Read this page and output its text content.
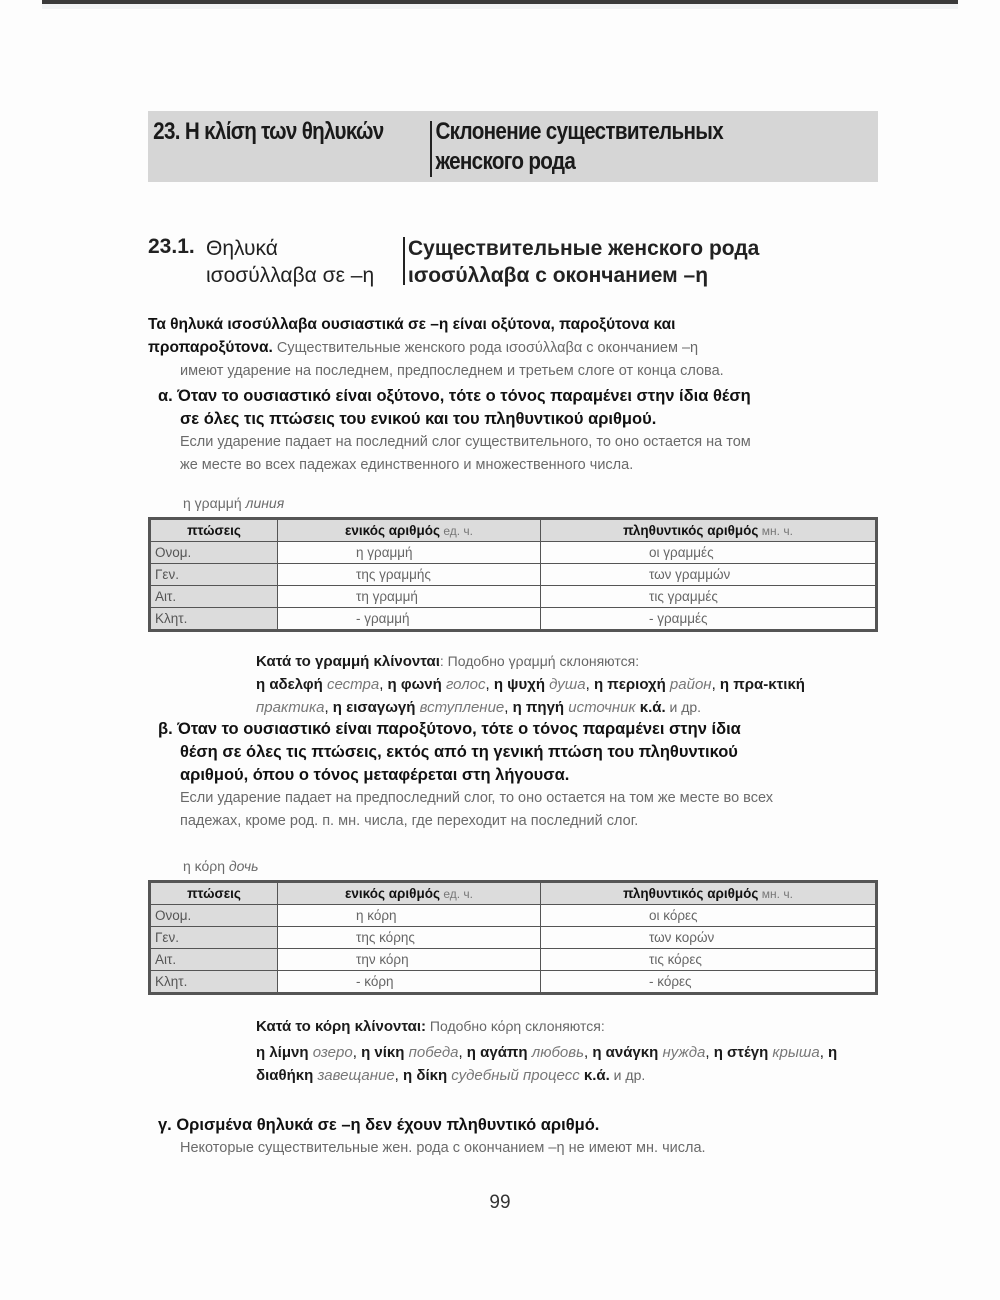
23. Η κλίση των θηλυκών Склонение существительных
женского рода
23.1. Θηλυκά
ισοσύλλαβα σε –η
Существительные женского рода
ισοσύλλαβα с окончанием –η
Τα θηλυκά ισοσύλλαβα ουσιαστικά σε –η είναι οξύτονα, παροξύτονα και
προπαροξύτονα. Существительные женского рода ισοσύλλαβα с окончанием –η
имеют ударение на последнем, предпоследнем и третьем слоге от конца слова.
α. Όταν το ουσιαστικό είναι οξύτονο, τότε ο τόνος παραμένει στην ίδια θέση
σε όλες τις πτώσεις του ενικού και του πληθυντικού αριθμού.
Если ударение падает на последний слог существительного, то оно остается на том
же месте во всех падежах единственного и множественного числа.
η γραμμή линия
πτώσεις	ενικός αριθμός ед. ч.	πληθυντικός αριθμός мн. ч.
Ονομ.	η γραμμή	οι γραμμές
Γεν.	της γραμμής	των γραμμών
Αιτ.	τη γραμμή	τις γραμμές
Κλητ.	- γραμμή	- γραμμές
Κατά το γραμμή κλίνονται: Подобно γραμμή склоняются:
η αδελφή сестра, η φωνή голос, η ψυχή душа, η περιοχή район, η πρα-κτική практика, η εισαγωγή вступление, η πηγή источник κ.ά. и др.
β. Όταν το ουσιαστικό είναι παροξύτονο, τότε ο τόνος παραμένει στην ίδια
θέση σε όλες τις πτώσεις, εκτός από τη γενική πτώση του πληθυντικού
αριθμού, όπου ο τόνος μεταφέρεται στη λήγουσα.
Если ударение падает на предпоследний слог, то оно остается на том же месте во всех
падежах, кроме род. п. мн. числа, где переходит на последний слог.
η κόρη дочь
πτώσεις	ενικός αριθμός ед. ч.	πληθυντικός αριθμός мн. ч.
Ονομ.	η κόρη	οι κόρες
Γεν.	της κόρης	των κορών
Αιτ.	την κόρη	τις κόρες
Κλητ.	- κόρη	- κόρες
Κατά το κόρη κλίνονται: Подобно κόρη склоняются:
η λίμνη озеро, η νίκη победа, η αγάπη любовь, η ανάγκη нужда, η στέγη крыша, η διαθήκη завещание, η δίκη судебный процесс κ.ά. и др.
γ. Ορισμένα θηλυκά σε –η δεν έχουν πληθυντικό αριθμό.
Некоторые существительные жен. рода с окончанием –η не имеют мн. числа.
99
